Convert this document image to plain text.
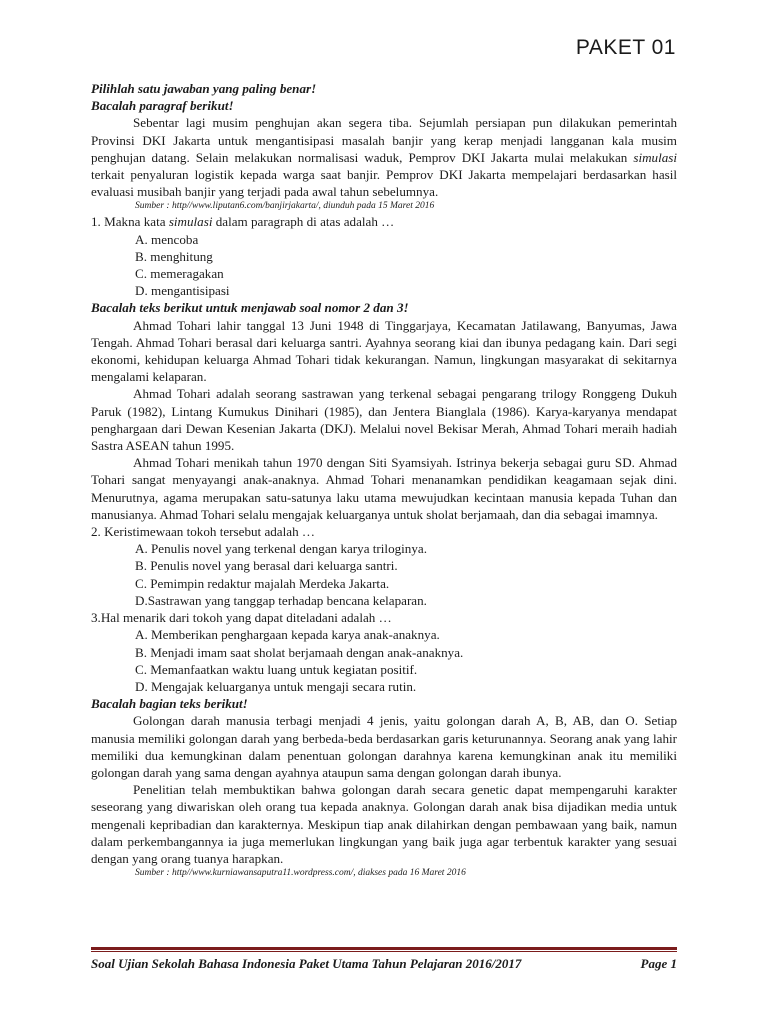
PAKET 01

Pilihlah satu jawaban yang paling benar!

Bacalah paragraf berikut!

Sebentar lagi musim penghujan akan segera tiba. Sejumlah persiapan pun dilakukan pemerintah Provinsi DKI Jakarta untuk mengantisipasi masalah banjir yang kerap menjadi langganan kala musim penghujan datang. Selain melakukan normalisasi waduk, Pemprov DKI Jakarta mulai melakukan simulasi terkait penyaluran logistik kepada warga saat banjir. Pemprov DKI Jakarta mempelajari berdasarkan hasil evaluasi musibah banjir yang terjadi pada awal tahun sebelumnya.

Sumber : http//www.liputan6.com/banjirjakarta/, diunduh pada 15 Maret 2016

1. Makna kata simulasi dalam paragraph di atas adalah …

A. mencoba

B. menghitung

C. memeragakan

D. mengantisipasi

Bacalah teks berikut untuk menjawab soal nomor 2 dan 3!

Ahmad Tohari lahir tanggal 13 Juni 1948 di Tinggarjaya, Kecamatan Jatilawang, Banyumas, Jawa Tengah. Ahmad Tohari berasal dari keluarga santri. Ayahnya seorang kiai dan ibunya pedagang kain. Dari segi ekonomi, kehidupan keluarga Ahmad Tohari tidak kekurangan. Namun, lingkungan masyarakat di sekitarnya mengalami kelaparan.

Ahmad Tohari adalah seorang sastrawan yang terkenal sebagai pengarang trilogy Ronggeng Dukuh Paruk (1982), Lintang Kumukus Dinihari (1985), dan Jentera Bianglala (1986). Karya-karyanya mendapat penghargaan dari Dewan Kesenian Jakarta (DKJ). Melalui novel Bekisar Merah, Ahmad Tohari meraih hadiah Sastra ASEAN tahun 1995.

Ahmad Tohari menikah tahun 1970 dengan Siti Syamsiyah. Istrinya bekerja sebagai guru SD. Ahmad Tohari sangat menyayangi anak-anaknya. Ahmad Tohari menanamkan pendidikan keagamaan sejak dini. Menurutnya, agama merupakan satu-satunya laku utama mewujudkan kecintaan manusia kepada Tuhan dan manusianya. Ahmad Tohari selalu mengajak keluarganya untuk sholat berjamaah, dan dia sebagai imamnya.

2. Keristimewaan tokoh tersebut adalah …

A. Penulis novel yang terkenal dengan karya triloginya.

B. Penulis novel yang berasal dari keluarga santri.

C. Pemimpin redaktur majalah Merdeka Jakarta.

D.Sastrawan yang tanggap terhadap bencana kelaparan.

3.Hal menarik dari tokoh yang dapat diteladani adalah …

A. Memberikan penghargaan kepada karya anak-anaknya.

B. Menjadi imam saat sholat berjamaah dengan anak-anaknya.

C. Memanfaatkan waktu luang untuk kegiatan positif.

D. Mengajak keluarganya untuk mengaji secara rutin.

Bacalah bagian teks berikut!

Golongan darah manusia terbagi menjadi 4 jenis, yaitu golongan darah A, B, AB, dan O. Setiap manusia memiliki golongan darah yang berbeda-beda berdasarkan garis keturunannya. Seorang anak yang lahir memiliki dua kemungkinan dalam penentuan golongan darahnya karena kemungkinan anak itu memiliki golongan darah yang sama dengan ayahnya ataupun sama dengan golongan darah ibunya.

Penelitian telah membuktikan bahwa golongan darah secara genetic dapat mempengaruhi karakter seseorang yang diwariskan oleh orang tua kepada anaknya. Golongan darah anak bisa dijadikan media untuk mengenali kepribadian dan karakternya. Meskipun tiap anak dilahirkan dengan pembawaan yang baik, namun dalam perkembangannya ia juga memerlukan lingkungan yang baik juga agar terbentuk karakter yang sesuai dengan yang orang tuanya harapkan.

Sumber : http//www.kurniawansaputra11.wordpress.com/, diakses pada 16 Maret 2016

Soal Ujian Sekolah Bahasa Indonesia Paket Utama Tahun Pelajaran 2016/2017	Page 1
